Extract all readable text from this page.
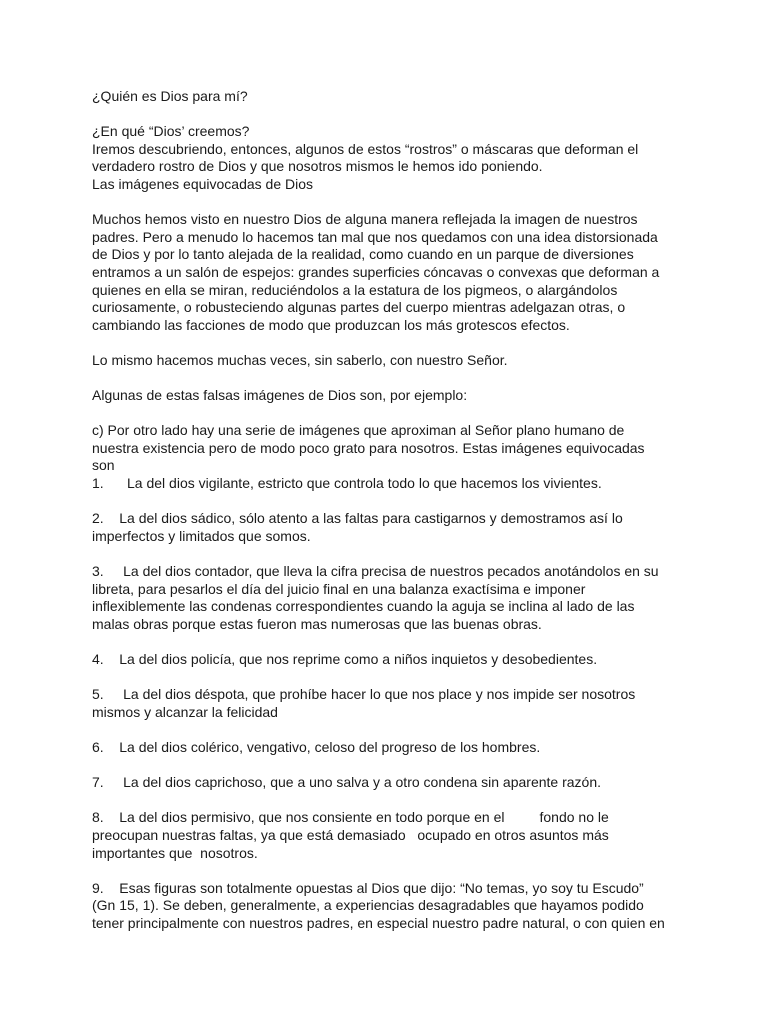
¿Quién es Dios para mí?
¿En qué “Dios’ creemos?
Iremos descubriendo, entonces, algunos de estos “rostros” o máscaras que deforman el
verdadero rostro de Dios y que nosotros mismos le hemos ido poniendo.
Las imágenes equivocadas de Dios
Muchos hemos visto en nuestro Dios de alguna manera reflejada la imagen de nuestros
padres. Pero a menudo lo hacemos tan mal que nos quedamos con una idea distorsionada
de Dios y por lo tanto alejada de la realidad, como cuando en un parque de diversiones
entramos a un salón de espejos: grandes superficies cóncavas o convexas que deforman a
quienes en ella se miran, reduciéndolos a la estatura de los pigmeos, o alargándolos
curiosamente, o robusteciendo algunas partes del cuerpo mientras adelgazan otras, o
cambiando las facciones de modo que produzcan los más grotescos efectos.
Lo mismo hacemos muchas veces, sin saberlo, con nuestro Señor.
Algunas de estas falsas imágenes de Dios son, por ejemplo:
c) Por otro lado hay una serie de imágenes que aproximan al Señor plano humano de
nuestra existencia pero de modo poco grato para nosotros. Estas imágenes equivocadas
son
1.      La del dios vigilante, estricto que controla todo lo que hacemos los vivientes.
2.    La del dios sádico, sólo atento a las faltas para castigarnos y demostramos así lo
imperfectos y limitados que somos.
3.     La del dios contador, que lleva la cifra precisa de nuestros pecados anotándolos en su
libreta, para pesarlos el día del juicio final en una balanza exactísima e imponer
inflexiblemente las condenas correspondientes cuando la aguja se inclina al lado de las
malas obras porque estas fueron mas numerosas que las buenas obras.
4.    La del dios policía, que nos reprime como a niños inquietos y desobedientes.
5.     La del dios déspota, que prohíbe hacer lo que nos place y nos impide ser nosotros
mismos y alcanzar la felicidad
6.    La del dios colérico, vengativo, celoso del progreso de los hombres.
7.     La del dios caprichoso, que a uno salva y a otro condena sin aparente razón.
8.    La del dios permisivo, que nos consiente en todo porque en el         fondo no le
preocupan nuestras faltas, ya que está demasiado   ocupado en otros asuntos más
importantes que  nosotros.
9.    Esas figuras son totalmente opuestas al Dios que dijo: “No temas, yo soy tu Escudo”
(Gn 15, 1). Se deben, generalmente, a experiencias desagradables que hayamos podido
tener principalmente con nuestros padres, en especial nuestro padre natural, o con quien en
